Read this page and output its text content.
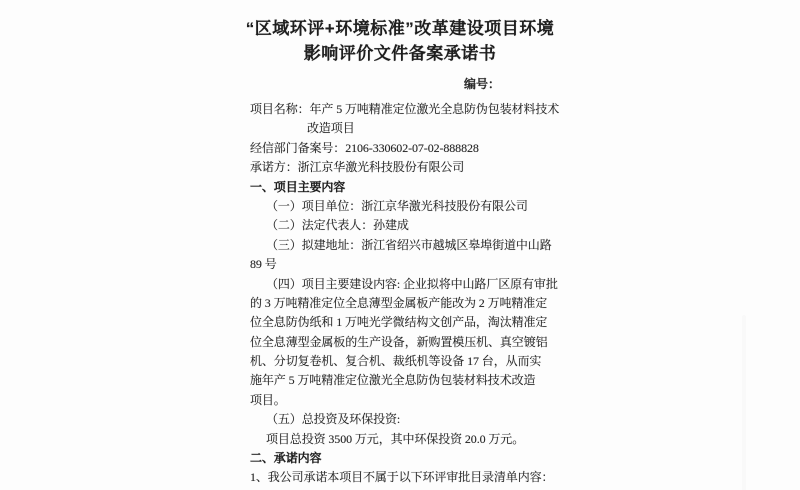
“区域环评+环境标准”改革建设项目环境
影响评价文件备案承诺书
编号：
项目名称：年产 5 万吨精准定位激光全息防伪包装材料技术
改造项目
经信部门备案号：2106-330602-07-02-888828
承诺方：浙江京华激光科技股份有限公司
一、项目主要内容
（一）项目单位：浙江京华激光科技股份有限公司
（二）法定代表人：孙建成
（三）拟建地址：浙江省绍兴市越城区皋埠街道中山路
89 号
（四）项目主要建设内容: 企业拟将中山路厂区原有审批
的 3 万吨精准定位全息薄型金属板产能改为 2 万吨精准定
位全息防伪纸和 1 万吨光学微结构文创产品，淘汰精准定
位全息薄型金属板的生产设备，新购置模压机、真空镀铝
机、分切复卷机、复合机、裁纸机等设备 17 台，从而实
施年产 5 万吨精准定位激光全息防伪包装材料技术改造
项目。
（五）总投资及环保投资:
项目总投资 3500 万元，其中环保投资 20.0 万元。
二、承诺内容
1、我公司承诺本项目不属于以下环评审批目录清单内容：
